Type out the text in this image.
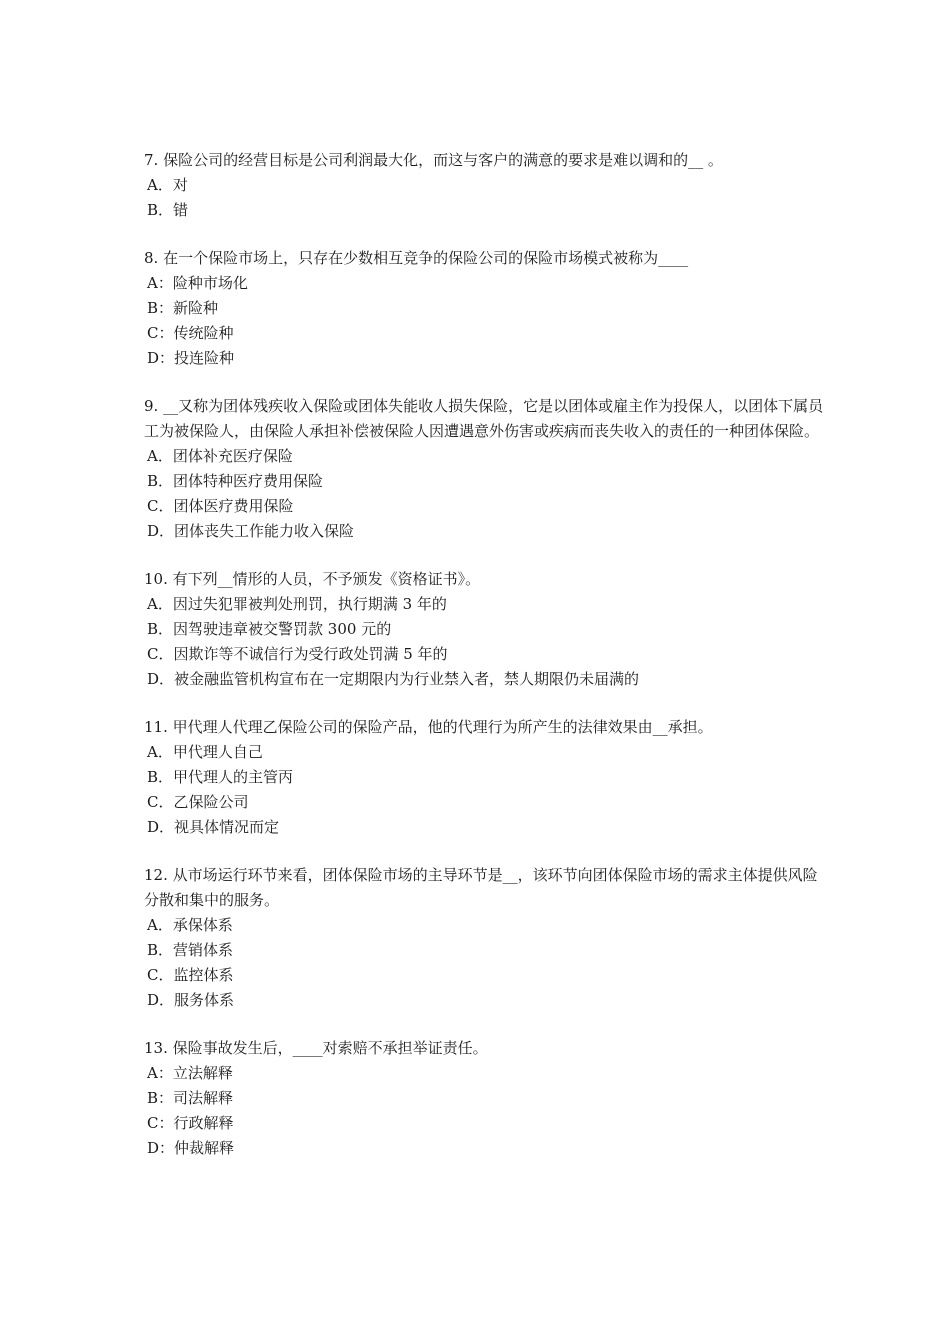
7. 保险公司的经营目标是公司利润最大化，而这与客户的满意的要求是难以调和的__ 。

A．对

B．错

8. 在一个保险市场上，只存在少数相互竞争的保险公司的保险市场模式被称为____

A：险种市场化

B：新险种

C：传统险种

D：投连险种

9. __又称为团体残疾收入保险或团体失能收人损失保险，它是以团体或雇主作为投保人，以团体下属员工为被保险人，由保险人承担补偿被保险人因遭遇意外伤害或疾病而丧失收入的责任的一种团体保险。

A．团体补充医疗保险

B．团体特种医疗费用保险

C．团体医疗费用保险

D．团体丧失工作能力收入保险

10. 有下列__情形的人员，不予颁发《资格证书》。

A．因过失犯罪被判处刑罚，执行期满 3 年的

B．因驾驶违章被交警罚款 300 元的

C．因欺诈等不诚信行为受行政处罚满 5 年的

D．被金融监管机构宣布在一定期限内为行业禁入者，禁人期限仍未届满的

11. 甲代理人代理乙保险公司的保险产品，他的代理行为所产生的法律效果由__承担。

A．甲代理人自己

B．甲代理人的主管丙

C．乙保险公司

D．视具体情况而定

12. 从市场运行环节来看，团体保险市场的主导环节是__，该环节向团体保险市场的需求主体提供风险分散和集中的服务。

A．承保体系

B．营销体系

C．监控体系

D．服务体系

13. 保险事故发生后，____对索赔不承担举证责任。

A：立法解释

B：司法解释

C：行政解释

D：仲裁解释
